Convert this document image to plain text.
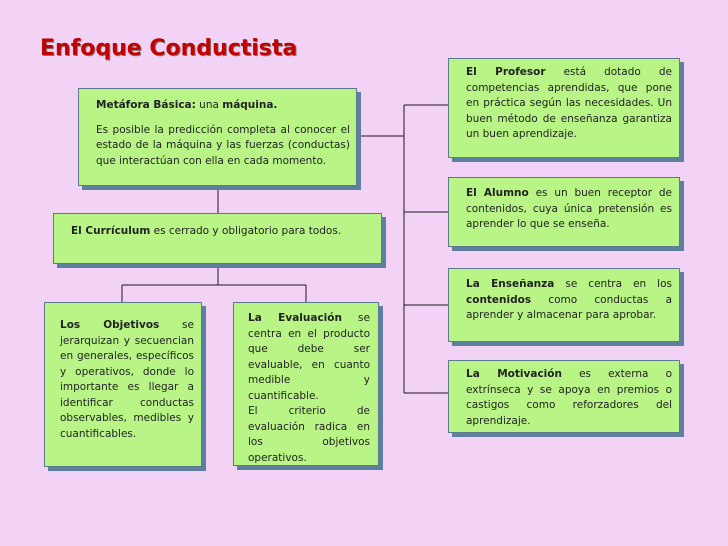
Enfoque Conductista

Metáfora Básica: una máquina.

Es posible la predicción completa al conocer el estado de la máquina y las fuerzas (conductas) que interactúan con ella en cada momento.

El Currículum es cerrado y obligatorio para todos.

Los Objetivos se jerarquizan y secuencian en generales, específicos y operativos, donde lo importante es llegar a identificar conductas observables, medibles y cuantificables.

La Evaluación se centra en el producto que debe ser evaluable, en cuanto medible y cuantificable.

El criterio de evaluación radica en los objetivos operativos.

El Profesor está dotado de competencias aprendidas, que pone en práctica según las necesidades. Un buen método de enseñanza garantiza un buen aprendizaje.

El Alumno es un buen receptor de contenidos, cuya única pretensión es aprender lo que se enseña.

La Enseñanza se centra en los contenidos como conductas a aprender y almacenar para aprobar.

La Motivación es externa o extrínseca y se apoya en premios o castigos como reforzadores del aprendizaje.
